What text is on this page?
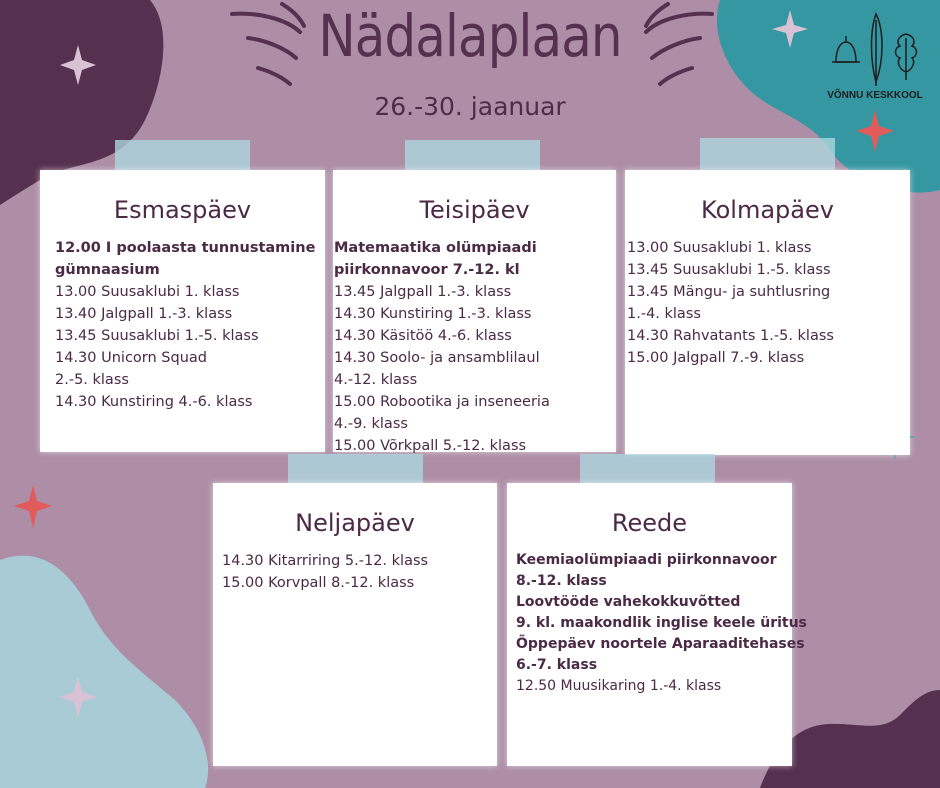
Nädalaplaan
26.-30. jaanuar	VÕNNU KESKKOOL
Esmaspäev
12.00 I poolaasta tunnustamine
gümnaasium
13.00 Suusaklubi 1. klass
13.40 Jalgpall 1.-3. klass
13.45 Suusaklubi 1.-5. klass
14.30 Unicorn Squad
2.-5. klass
14.30 Kunstiring 4.-6. klass
Teisipäev
Matemaatika olümpiaadi
piirkonnavoor 7.-12. kl
13.45 Jalgpall 1.-3. klass
14.30 Kunstiring 1.-3. klass
14.30 Käsitöö 4.-6. klass
14.30 Soolo- ja ansamblilaul
4.-12. klass
15.00 Robootika ja inseneeria
4.-9. klass
15.00 Võrkpall 5.-12. klass
Kolmapäev
13.00 Suusaklubi 1. klass
13.45 Suusaklubi 1.-5. klass
13.45 Mängu- ja suhtlusring
1.-4. klass
14.30 Rahvatants 1.-5. klass
15.00 Jalgpall 7.-9. klass
Neljapäev
14.30 Kitarriring 5.-12. klass
15.00 Korvpall 8.-12. klass
Reede
Keemiaolümpiaadi piirkonnavoor
8.-12. klass
Loovtööde vahekokkuvõtted
9. kl. maakondlik inglise keele üritus
Õppepäev noortele Aparaaditehases
6.-7. klass
12.50 Muusikaring 1.-4. klass
